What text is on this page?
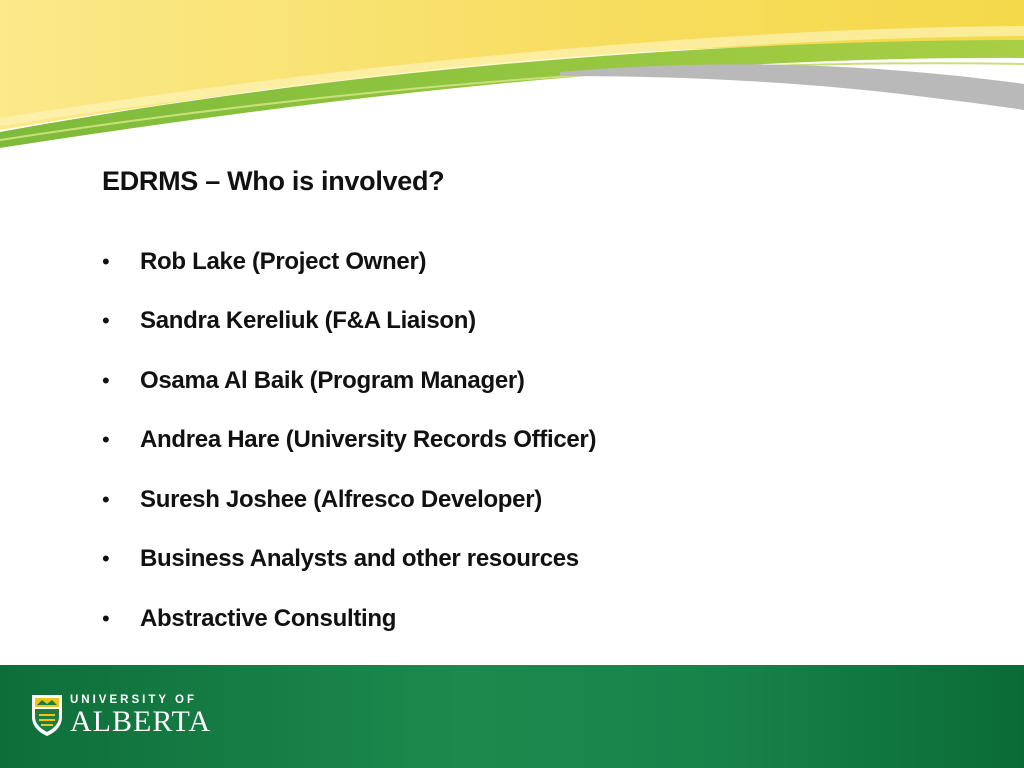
EDRMS – Who is involved?
•	Rob Lake (Project Owner)
•	Sandra Kereliuk (F&A Liaison)
•	Osama Al Baik (Program Manager)
•	Andrea Hare (University Records Officer)
•	Suresh Joshee (Alfresco Developer)
•	Business Analysts and other resources
•	Abstractive Consulting
UNIVERSITY OF
ALBERTA
